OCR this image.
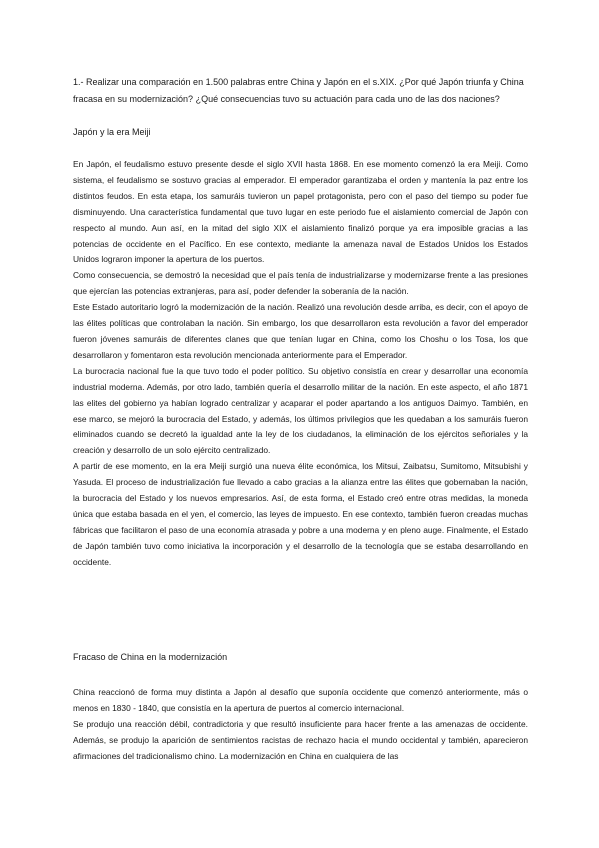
1.- Realizar una comparación en 1.500 palabras entre China y Japón en el s.XIX. ¿Por qué Japón triunfa y China fracasa en su modernización? ¿Qué consecuencias tuvo su actuación para cada uno de las dos naciones?
Japón y la era Meiji
En Japón, el feudalismo estuvo presente desde el siglo XVII hasta 1868. En ese momento comenzó la era Meiji. Como sistema, el feudalismo se sostuvo gracias al emperador. El emperador garantizaba el orden y mantenía la paz entre los distintos feudos. En esta etapa, los samuráis tuvieron un papel protagonista, pero con el paso del tiempo su poder fue disminuyendo. Una característica fundamental que tuvo lugar en este periodo fue el aislamiento comercial de Japón con respecto al mundo. Aun así, en la mitad del siglo XIX el aislamiento finalizó porque ya era imposible gracias a las potencias de occidente en el Pacífico. En ese contexto, mediante la amenaza naval de Estados Unidos los Estados Unidos lograron imponer la apertura de los puertos.
Como consecuencia, se demostró la necesidad que el país tenía de industrializarse y modernizarse frente a las presiones que ejercían las potencias extranjeras, para así, poder defender la soberanía de la nación.
Este Estado autoritario logró la modernización de la nación. Realizó una revolución desde arriba, es decir, con el apoyo de las élites políticas que controlaban la nación. Sin embargo, los que desarrollaron esta revolución a favor del emperador fueron jóvenes samuráis de diferentes clanes que que tenían lugar en China, como los Choshu o los Tosa, los que desarrollaron y fomentaron esta revolución mencionada anteriormente para el Emperador.
La burocracia nacional fue la que tuvo todo el poder político. Su objetivo consistía en crear y desarrollar una economía industrial moderna. Además, por otro lado, también quería el desarrollo militar de la nación. En este aspecto, el año 1871 las elites del gobierno ya habían logrado centralizar y acaparar el poder apartando a los antiguos Daimyo. También, en ese marco, se mejoró la burocracia del Estado, y además, los últimos privilegios que les quedaban a los samuráis fueron eliminados cuando se decretó la igualdad ante la ley de los ciudadanos, la eliminación de los ejércitos señoriales y la creación y desarrollo de un solo ejército centralizado.
A partir de ese momento, en la era Meiji surgió una nueva élite económica, los Mitsui, Zaibatsu, Sumitomo, Mitsubishi y Yasuda. El proceso de industrialización fue llevado a cabo gracias a la alianza entre las élites que gobernaban la nación, la burocracia del Estado y los nuevos empresarios. Así, de esta forma, el Estado creó entre otras medidas, la moneda única que estaba basada en el yen, el comercio, las leyes de impuesto. En ese contexto, también fueron creadas muchas fábricas que facilitaron el paso de una economía atrasada y pobre a una moderna y en pleno auge. Finalmente, el Estado de Japón también tuvo como iniciativa la incorporación y el desarrollo de la tecnología que se estaba desarrollando en occidente.
Fracaso de China en la modernización
China reaccionó de forma muy distinta a Japón al desafío que suponía occidente que comenzó anteriormente, más o menos en 1830 - 1840, que consistía en la apertura de puertos al comercio internacional.
Se produjo una reacción débil, contradictoria y que resultó insuficiente para hacer frente a las amenazas de occidente. Además, se produjo la aparición de sentimientos racistas de rechazo hacia el mundo occidental y también, aparecieron afirmaciones del tradicionalismo chino. La modernización en China en cualquiera de las
